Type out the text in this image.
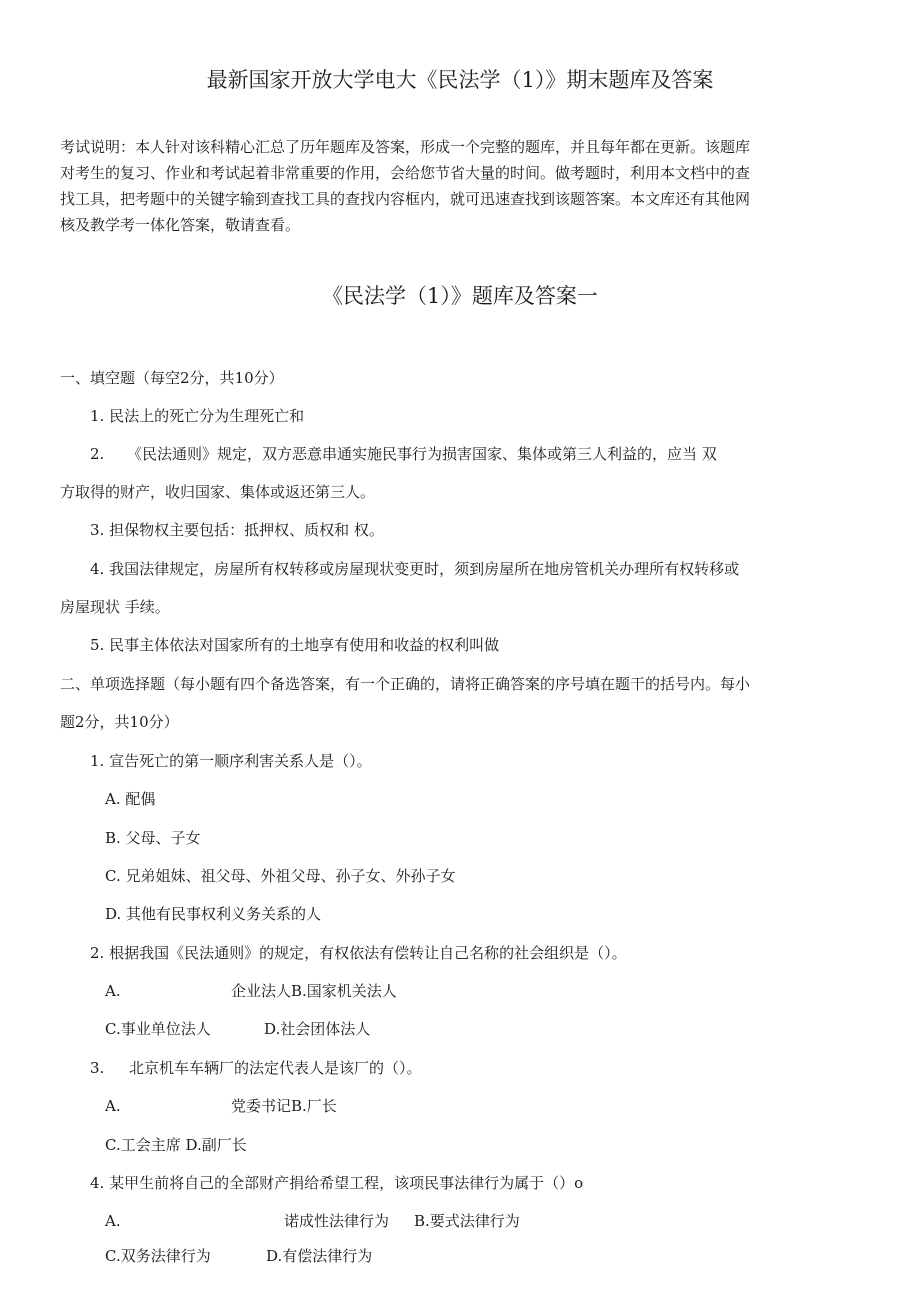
最新国家开放大学电大《民法学（1）》期末题库及答案
考试说明：本人针对该科精心汇总了历年题库及答案，形成一个完整的题库，并且每年都在更新。该题库
对考生的复习、作业和考试起着非常重要的作用，会给您节省大量的时间。做考题时，利用本文档中的查
找工具，把考题中的关键字输到查找工具的查找内容框内，就可迅速查找到该题答案。本文库还有其他网
核及教学考一体化答案，敬请查看。
《民法学（1）》题库及答案一
一、填空题（每空2分，共10分）
1. 民法上的死亡分为生理死亡和
2. 《民法通则》规定，双方恶意串通实施民事行为损害国家、集体或第三人利益的，应当 双
方取得的财产，收归国家、集体或返还第三人。
3. 担保物权主要包括：抵押权、质权和 权。
4. 我国法律规定，房屋所有权转移或房屋现状变更时，须到房屋所在地房管机关办理所有权转移或
房屋现状 手续。
5. 民事主体依法对国家所有的土地享有使用和收益的权利叫做
二、单项选择题（每小题有四个备选答案，有一个正确的，请将正确答案的序号填在题干的括号内。每小
题2分，共10分）
1. 宣告死亡的第一顺序利害关系人是（）。
A. 配偶
B. 父母、子女
C. 兄弟姐妹、祖父母、外祖父母、孙子女、外孙子女
D. 其他有民事权利义务关系的人
2. 根据我国《民法通则》的规定，有权依法有偿转让自己名称的社会组织是（）。
A.	企业法人B.国家机关法人
C.事业单位法人	D.社会团体法人
3. 北京机车车辆厂的法定代表人是该厂的（）。
A.	党委书记B.厂长
C.工会主席 D.副厂长
4. 某甲生前将自己的全部财产捐给希望工程，该项民事法律行为属于（）o
A.	诺成性法律行为 B.要式法律行为
C.双务法律行为	D.有偿法律行为
